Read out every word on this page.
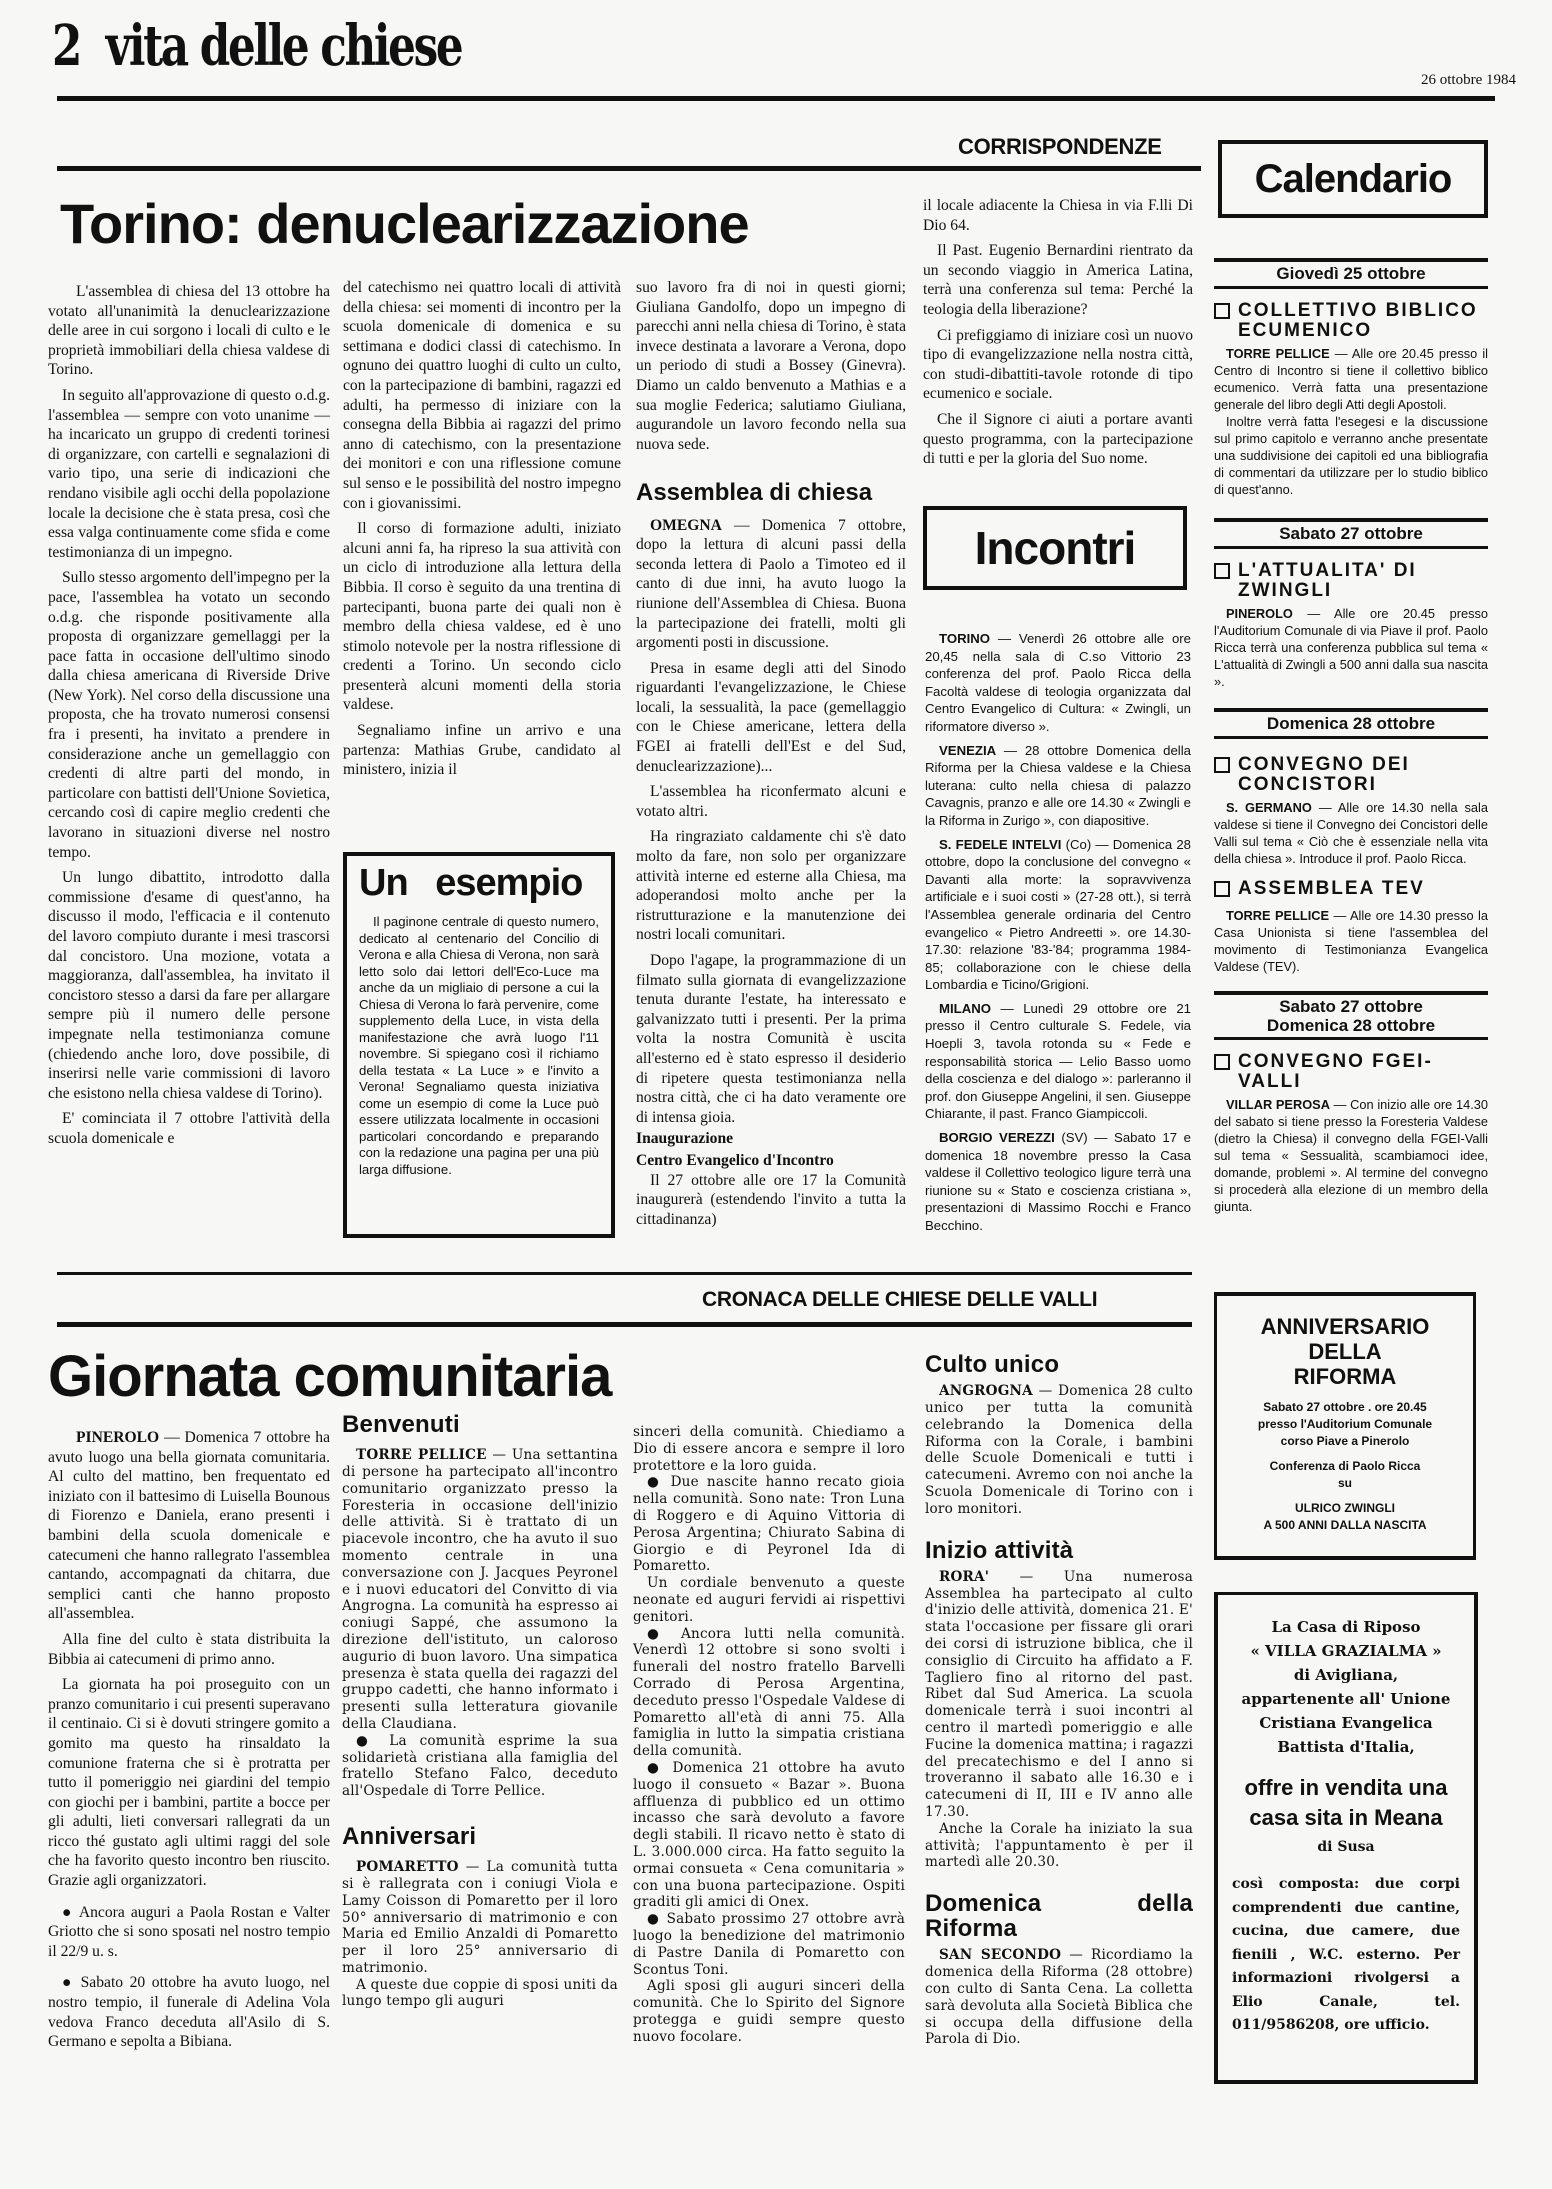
2 vita delle chiese
26 ottobre 1984
CORRISPONDENZE
Torino: denuclearizzazione

L'assemblea di chiesa del 13 ottobre ha votato all'unanimità la denuclearizzazione delle aree in cui sorgono i locali di culto e le proprietà immobiliari della chiesa valdese di Torino.

In seguito all'approvazione di questo o.d.g. l'assemblea — sempre con voto unanime — ha incaricato un gruppo di credenti torinesi di organizzare, con cartelli e segnalazioni di vario tipo, una serie di indicazioni che rendano visibile agli occhi della popolazione locale la decisione che è stata presa, così che essa valga continuamente come sfida e come testimonianza di un impegno.

Sullo stesso argomento dell'impegno per la pace, l'assemblea ha votato un secondo o.d.g. che risponde positivamente alla proposta di organizzare gemellaggi per la pace fatta in occasione dell'ultimo sinodo dalla chiesa americana di Riverside Drive (New York). Nel corso della discussione una proposta, che ha trovato numerosi consensi fra i presenti, ha invitato a prendere in considerazione anche un gemellaggio con credenti di altre parti del mondo, in particolare con battisti dell'Unione Sovietica, cercando così di capire meglio credenti che lavorano in situazioni diverse nel nostro tempo.

Un lungo dibattito, introdotto dalla commissione d'esame di quest'anno, ha discusso il modo, l'efficacia e il contenuto del lavoro compiuto durante i mesi trascorsi dal concistoro. Una mozione, votata a maggioranza, dall'assemblea, ha invitato il concistoro stesso a darsi da fare per allargare sempre più il numero delle persone impegnate nella testimonianza comune (chiedendo anche loro, dove possibile, di inserirsi nelle varie commissioni di lavoro che esistono nella chiesa valdese di Torino).

E' cominciata il 7 ottobre l'attività della scuola domenicale e

del catechismo nei quattro locali di attività della chiesa: sei momenti di incontro per la scuola domenicale di domenica e su settimana e dodici classi di catechismo. In ognuno dei quattro luoghi di culto un culto, con la partecipazione di bambini, ragazzi ed adulti, ha permesso di iniziare con la consegna della Bibbia ai ragazzi del primo anno di catechismo, con la presentazione dei monitori e con una riflessione comune sul senso e le possibilità del nostro impegno con i giovanissimi.

Il corso di formazione adulti, iniziato alcuni anni fa, ha ripreso la sua attività con un ciclo di introduzione alla lettura della Bibbia. Il corso è seguito da una trentina di partecipanti, buona parte dei quali non è membro della chiesa valdese, ed è uno stimolo notevole per la nostra riflessione di credenti a Torino. Un secondo ciclo presenterà alcuni momenti della storia valdese.

Segnaliamo infine un arrivo e una partenza: Mathias Grube, candidato al ministero, inizia il

Un esempio
Il paginone centrale di questo numero, dedicato al centenario del Concilio di Verona e alla Chiesa di Verona, non sarà letto solo dai lettori dell'Eco-Luce ma anche da un migliaio di persone a cui la Chiesa di Verona lo farà pervenire, come supplemento della Luce, in vista della manifestazione che avrà luogo l'11 novembre. Si spiegano così il richiamo della testata « La Luce » e l'invito a Verona! Segnaliamo questa iniziativa come un esempio di come la Luce può essere utilizzata localmente in occasioni particolari concordando e preparando con la redazione una pagina per una più larga diffusione.

suo lavoro fra di noi in questi giorni; Giuliana Gandolfo, dopo un impegno di parecchi anni nella chiesa di Torino, è stata invece destinata a lavorare a Verona, dopo un periodo di studi a Bossey (Ginevra). Diamo un caldo benvenuto a Mathias e a sua moglie Federica; salutiamo Giuliana, augurandole un lavoro fecondo nella sua nuova sede.

Assemblea di chiesa

OMEGNA — Domenica 7 ottobre, dopo la lettura di alcuni passi della seconda lettera di Paolo a Timoteo ed il canto di due inni, ha avuto luogo la riunione dell'Assemblea di Chiesa. Buona la partecipazione dei fratelli, molti gli argomenti posti in discussione.

Presa in esame degli atti del Sinodo riguardanti l'evangelizzazione, le Chiese locali, la sessualità, la pace (gemellaggio con le Chiese americane, lettera della FGEI ai fratelli dell'Est e del Sud, denuclearizzazione)...

L'assemblea ha riconfermato alcuni e votato altri.

Ha ringraziato caldamente chi s'è dato molto da fare, non solo per organizzare attività interne ed esterne alla Chiesa, ma adoperandosi molto anche per la ristrutturazione e la manutenzione dei nostri locali comunitari.

Dopo l'agape, la programmazione di un filmato sulla giornata di evangelizzazione tenuta durante l'estate, ha interessato e galvanizzato tutti i presenti. Per la prima volta la nostra Comunità è uscita all'esterno ed è stato espresso il desiderio di ripetere questa testimonianza nella nostra città, che ci ha dato veramente ore di intensa gioia.

Inaugurazione
Centro Evangelico d'Incontro

Il 27 ottobre alle ore 17 la Comunità inaugurerà (estendendo l'invito a tutta la cittadinanza)

il locale adiacente la Chiesa in via F.lli Di Dio 64.

Il Past. Eugenio Bernardini rientrato da un secondo viaggio in America Latina, terrà una conferenza sul tema: Perché la teologia della liberazione?

Ci prefiggiamo di iniziare così un nuovo tipo di evangelizzazione nella nostra città, con studi-dibattiti-tavole rotonde di tipo ecumenico e sociale.

Che il Signore ci aiuti a portare avanti questo programma, con la partecipazione di tutti e per la gloria del Suo nome.

Incontri

TORINO — Venerdì 26 ottobre alle ore 20,45 nella sala di C.so Vittorio 23 conferenza del prof. Paolo Ricca della Facoltà valdese di teologia organizzata dal Centro Evangelico di Cultura: « Zwingli, un riformatore diverso ».

VENEZIA — 28 ottobre Domenica della Riforma per la Chiesa valdese e la Chiesa luterana: culto nella chiesa di palazzo Cavagnis, pranzo e alle ore 14.30 « Zwingli e la Riforma in Zurigo », con diapositive.

S. FEDELE INTELVI (Co) — Domenica 28 ottobre, dopo la conclusione del convegno « Davanti alla morte: la sopravvivenza artificiale e i suoi costi » (27-28 ott.), si terrà l'Assemblea generale ordinaria del Centro evangelico « Pietro Andreetti ». ore 14.30-17.30: relazione '83-'84; programma 1984-85; collaborazione con le chiese della Lombardia e Ticino/Grigioni.

MILANO — Lunedì 29 ottobre ore 21 presso il Centro culturale S. Fedele, via Hoepli 3, tavola rotonda su « Fede e responsabilità storica — Lelio Basso uomo della coscienza e del dialogo »: parleranno il prof. don Giuseppe Angelini, il sen. Giuseppe Chiarante, il past. Franco Giampiccoli.

BORGIO VEREZZI (SV) — Sabato 17 e domenica 18 novembre presso la Casa valdese il Collettivo teologico ligure terrà una riunione su « Stato e coscienza cristiana », presentazioni di Massimo Rocchi e Franco Becchino.

Calendario
Giovedì 25 ottobre
COLLETTIVO BIBLICO ECUMENICO

TORRE PELLICE — Alle ore 20.45 presso il Centro di Incontro si tiene il collettivo biblico ecumenico. Verrà fatta una presentazione generale del libro degli Atti degli Apostoli.

Inoltre verrà fatta l'esegesi e la discussione sul primo capitolo e verranno anche presentate una suddivisione dei capitoli ed una bibliografia di commentari da utilizzare per lo studio biblico di quest'anno.

Sabato 27 ottobre
L'ATTUALITA' DI ZWINGLI

PINEROLO — Alle ore 20.45 presso l'Auditorium Comunale di via Piave il prof. Paolo Ricca terrà una conferenza pubblica sul tema « L'attualità di Zwingli a 500 anni dalla sua nascita ».

Domenica 28 ottobre
CONVEGNO DEI CONCISTORI

S. GERMANO — Alle ore 14.30 nella sala valdese si tiene il Convegno dei Concistori delle Valli sul tema « Ciò che è essenziale nella vita della chiesa ». Introduce il prof. Paolo Ricca.

ASSEMBLEA TEV

TORRE PELLICE — Alle ore 14.30 presso la Casa Unionista si tiene l'assemblea del movimento di Testimonianza Evangelica Valdese (TEV).

Sabato 27 ottobre
Domenica 28 ottobre
CONVEGNO FGEI-VALLI

VILLAR PEROSA — Con inizio alle ore 14.30 del sabato si tiene presso la Foresteria Valdese (dietro la Chiesa) il convegno della FGEI-Valli sul tema « Sessualità, scambiamoci idee, domande, problemi ». Al termine del convegno si procederà alla elezione di un membro della giunta.

CRONACA DELLE CHIESE DELLE VALLI
Giornata comunitaria

PINEROLO — Domenica 7 ottobre ha avuto luogo una bella giornata comunitaria. Al culto del mattino, ben frequentato ed iniziato con il battesimo di Luisella Bounous di Fiorenzo e Daniela, erano presenti i bambini della scuola domenicale e catecumeni che hanno rallegrato l'assemblea cantando, accompagnati da chitarra, due semplici canti che hanno proposto all'assemblea.

Alla fine del culto è stata distribuita la Bibbia ai catecumeni di primo anno.

La giornata ha poi proseguito con un pranzo comunitario i cui presenti superavano il centinaio. Ci si è dovuti stringere gomito a gomito ma questo ha rinsaldato la comunione fraterna che si è protratta per tutto il pomeriggio nei giardini del tempio con giochi per i bambini, partite a bocce per gli adulti, lieti conversari rallegrati da un ricco thé gustato agli ultimi raggi del sole che ha favorito questo incontro ben riuscito. Grazie agli organizzatori.

● Ancora auguri a Paola Rostan e Valter Griotto che si sono sposati nel nostro tempio il 22/9 u. s.

● Sabato 20 ottobre ha avuto luogo, nel nostro tempio, il funerale di Adelina Vola vedova Franco deceduta all'Asilo di S. Germano e sepolta a Bibiana.

Benvenuti

TORRE PELLICE — Una settantina di persone ha partecipato all'incontro comunitario organizzato presso la Foresteria in occasione dell'inizio delle attività. Si è trattato di un piacevole incontro, che ha avuto il suo momento centrale in una conversazione con J. Jacques Peyronel e i nuovi educatori del Convitto di via Angrogna. La comunità ha espresso ai coniugi Sappé, che assumono la direzione dell'istituto, un caloroso augurio di buon lavoro. Una simpatica presenza è stata quella dei ragazzi del gruppo cadetti, che hanno informato i presenti sulla letteratura giovanile della Claudiana.

● La comunità esprime la sua solidarietà cristiana alla famiglia del fratello Stefano Falco, deceduto all'Ospedale di Torre Pellice.

Anniversari

POMARETTO — La comunità tutta si è rallegrata con i coniugi Viola e Lamy Coisson di Pomaretto per il loro 50° anniversario di matrimonio e con Maria ed Emilio Anzaldi di Pomaretto per il loro 25° anniversario di matrimonio.

A queste due coppie di sposi uniti da lungo tempo gli auguri

sinceri della comunità. Chiediamo a Dio di essere ancora e sempre il loro protettore e la loro guida.

● Due nascite hanno recato gioia nella comunità. Sono nate: Tron Luna di Roggero e di Aquino Vittoria di Perosa Argentina; Chiurato Sabina di Giorgio e di Peyronel Ida di Pomaretto.

Un cordiale benvenuto a queste neonate ed auguri fervidi ai rispettivi genitori.

● Ancora lutti nella comunità. Venerdì 12 ottobre si sono svolti i funerali del nostro fratello Barvelli Corrado di Perosa Argentina, deceduto presso l'Ospedale Valdese di Pomaretto all'età di anni 75. Alla famiglia in lutto la simpatia cristiana della comunità.

● Domenica 21 ottobre ha avuto luogo il consueto « Bazar ». Buona affluenza di pubblico ed un ottimo incasso che sarà devoluto a favore degli stabili. Il ricavo netto è stato di L. 3.000.000 circa. Ha fatto seguito la ormai consueta « Cena comunitaria » con una buona partecipazione. Ospiti graditi gli amici di Onex.

● Sabato prossimo 27 ottobre avrà luogo la benedizione del matrimonio di Pastre Danila di Pomaretto con Scontus Toni.

Agli sposi gli auguri sinceri della comunità. Che lo Spirito del Signore protegga e guidi sempre questo nuovo focolare.

Culto unico

ANGROGNA — Domenica 28 culto unico per tutta la comunità celebrando la Domenica della Riforma con la Corale, i bambini delle Scuole Domenicali e tutti i catecumeni. Avremo con noi anche la Scuola Domenicale di Torino con i loro monitori.

Inizio attività

RORA' — Una numerosa Assemblea ha partecipato al culto d'inizio delle attività, domenica 21. E' stata l'occasione per fissare gli orari dei corsi di istruzione biblica, che il consiglio di Circuito ha affidato a F. Tagliero fino al ritorno del past. Ribet dal Sud America. La scuola domenicale terrà i suoi incontri al centro il martedì pomeriggio e alle Fucine la domenica mattina; i ragazzi del precatechismo e del I anno si troveranno il sabato alle 16.30 e i catecumeni di II, III e IV anno alle 17.30.

Anche la Corale ha iniziato la sua attività; l'appuntamento è per il martedì alle 20.30.

Domenica della Riforma

SAN SECONDO — Ricordiamo la domenica della Riforma (28 ottobre) con culto di Santa Cena. La colletta sarà devoluta alla Società Biblica che si occupa della diffusione della Parola di Dio.

ANNIVERSARIO
DELLA
RIFORMA
Sabato 27 ottobre . ore 20.45
presso l'Auditorium Comunale
corso Piave a Pinerolo
Conferenza di Paolo Ricca
su
ULRICO ZWINGLI
A 500 ANNI DALLA NASCITA
La Casa di Riposo
« VILLA GRAZIALMA »
di Avigliana,
appartenente all' Unione
Cristiana Evangelica
Battista d'Italia,
offre in vendita una
casa sita in Meana
di Susa
così composta: due corpi comprendenti due cantine, cucina, due camere, due fienili , W.C. esterno. Per informazioni rivolgersi a Elio Canale, tel. 011/9586208, ore ufficio.
